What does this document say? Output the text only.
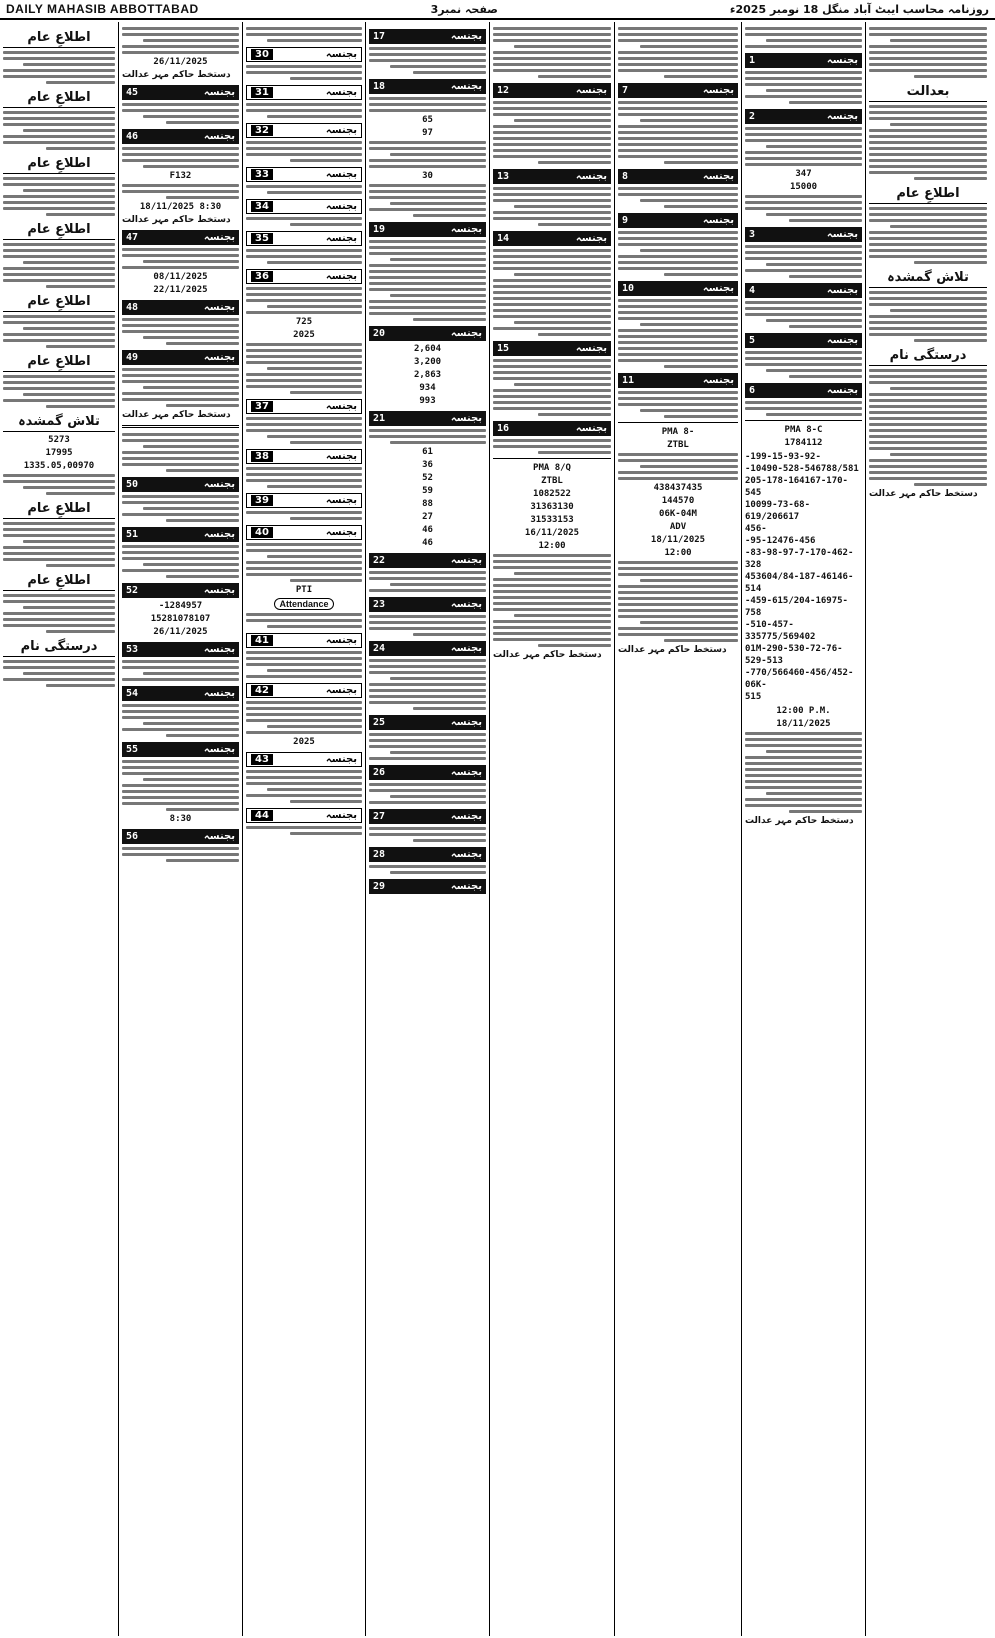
DAILY MAHASIB ABBOTTABAD	صفحہ نمبر3	روزنامہ محاسب ایبٹ آباد منگل 18 نومبر 2025ء
اطلاعِ عام
اطلاعِ عام
اطلاعِ عام
اطلاعِ عام
اطلاعِ عام
اطلاعِ عام
تلاش گمشدہ
5273
17995
1335.05,00970
اطلاعِ عام
اطلاعِ عام
درستگی نام
26/11/2025
دستخط حاکم مہر عدالت
بجنسہ
45
بجنسہ
46
F132
18/11/2025 8:30
دستخط حاکم مہر عدالت
بجنسہ
47
08/11/2025
22/11/2025
بجنسہ
48
بجنسہ
49
دستخط حاکم مہر عدالت
بجنسہ
50
بجنسہ
51
بجنسہ
52
-1284957
15281078107
26/11/2025
بجنسہ
53
بجنسہ
54
بجنسہ
55
8:30
بجنسہ
56
بجنسہ
30
بجنسہ
31
بجنسہ
32
بجنسہ
33
بجنسہ
34
بجنسہ
35
بجنسہ
36
725
2025
بجنسہ
37
بجنسہ
38
بجنسہ
39
بجنسہ
40
PTI
Attendance
بجنسہ
41
بجنسہ
42
2025
بجنسہ
43
بجنسہ
44
بجنسہ
17
بجنسہ
18
65
97
30
بجنسہ
19
بجنسہ
20
2,604
3,200
2,863
934
993
بجنسہ
21
61
36
52
59
88
27
46
46
بجنسہ
22
بجنسہ
23
بجنسہ
24
بجنسہ
25
بجنسہ
26
بجنسہ
27
بجنسہ
28
بجنسہ
29
بجنسہ
12
بجنسہ
13
بجنسہ
14
بجنسہ
15
بجنسہ
16
PMA 8/Q
ZTBL
1082522
31363130
31533153
16/11/2025
12:00
دستخط حاکم مہر عدالت
بجنسہ
7
بجنسہ
8
بجنسہ
9
بجنسہ
10
بجنسہ
11
PMA 8-
ZTBL
438437435
144570
06K-04M
ADV
18/11/2025
12:00
دستخط حاکم مہر عدالت
بجنسہ
1
بجنسہ
2
347
15000
بجنسہ
3
بجنسہ
4
بجنسہ
5
بجنسہ
6
PMA 8-C
1784112
-199-15-93-92-
-10490-528-546788/581
205-178-164167-170-545
10099-73-68-619/206617
456-
-95-12476-456
-83-98-97-7-170-462-328
453604/84-187-46146-514
-459-615/204-16975-758
-510-457-335775/569402
01M-290-530-72-76-529-513
-770/566460-456/452-06K-
515
12:00 P.M.
18/11/2025
دستخط حاکم مہر عدالت
بعدالت
اطلاعِ عام
تلاش گمشدہ
درستگی نام
دستخط حاکم مہر عدالت
